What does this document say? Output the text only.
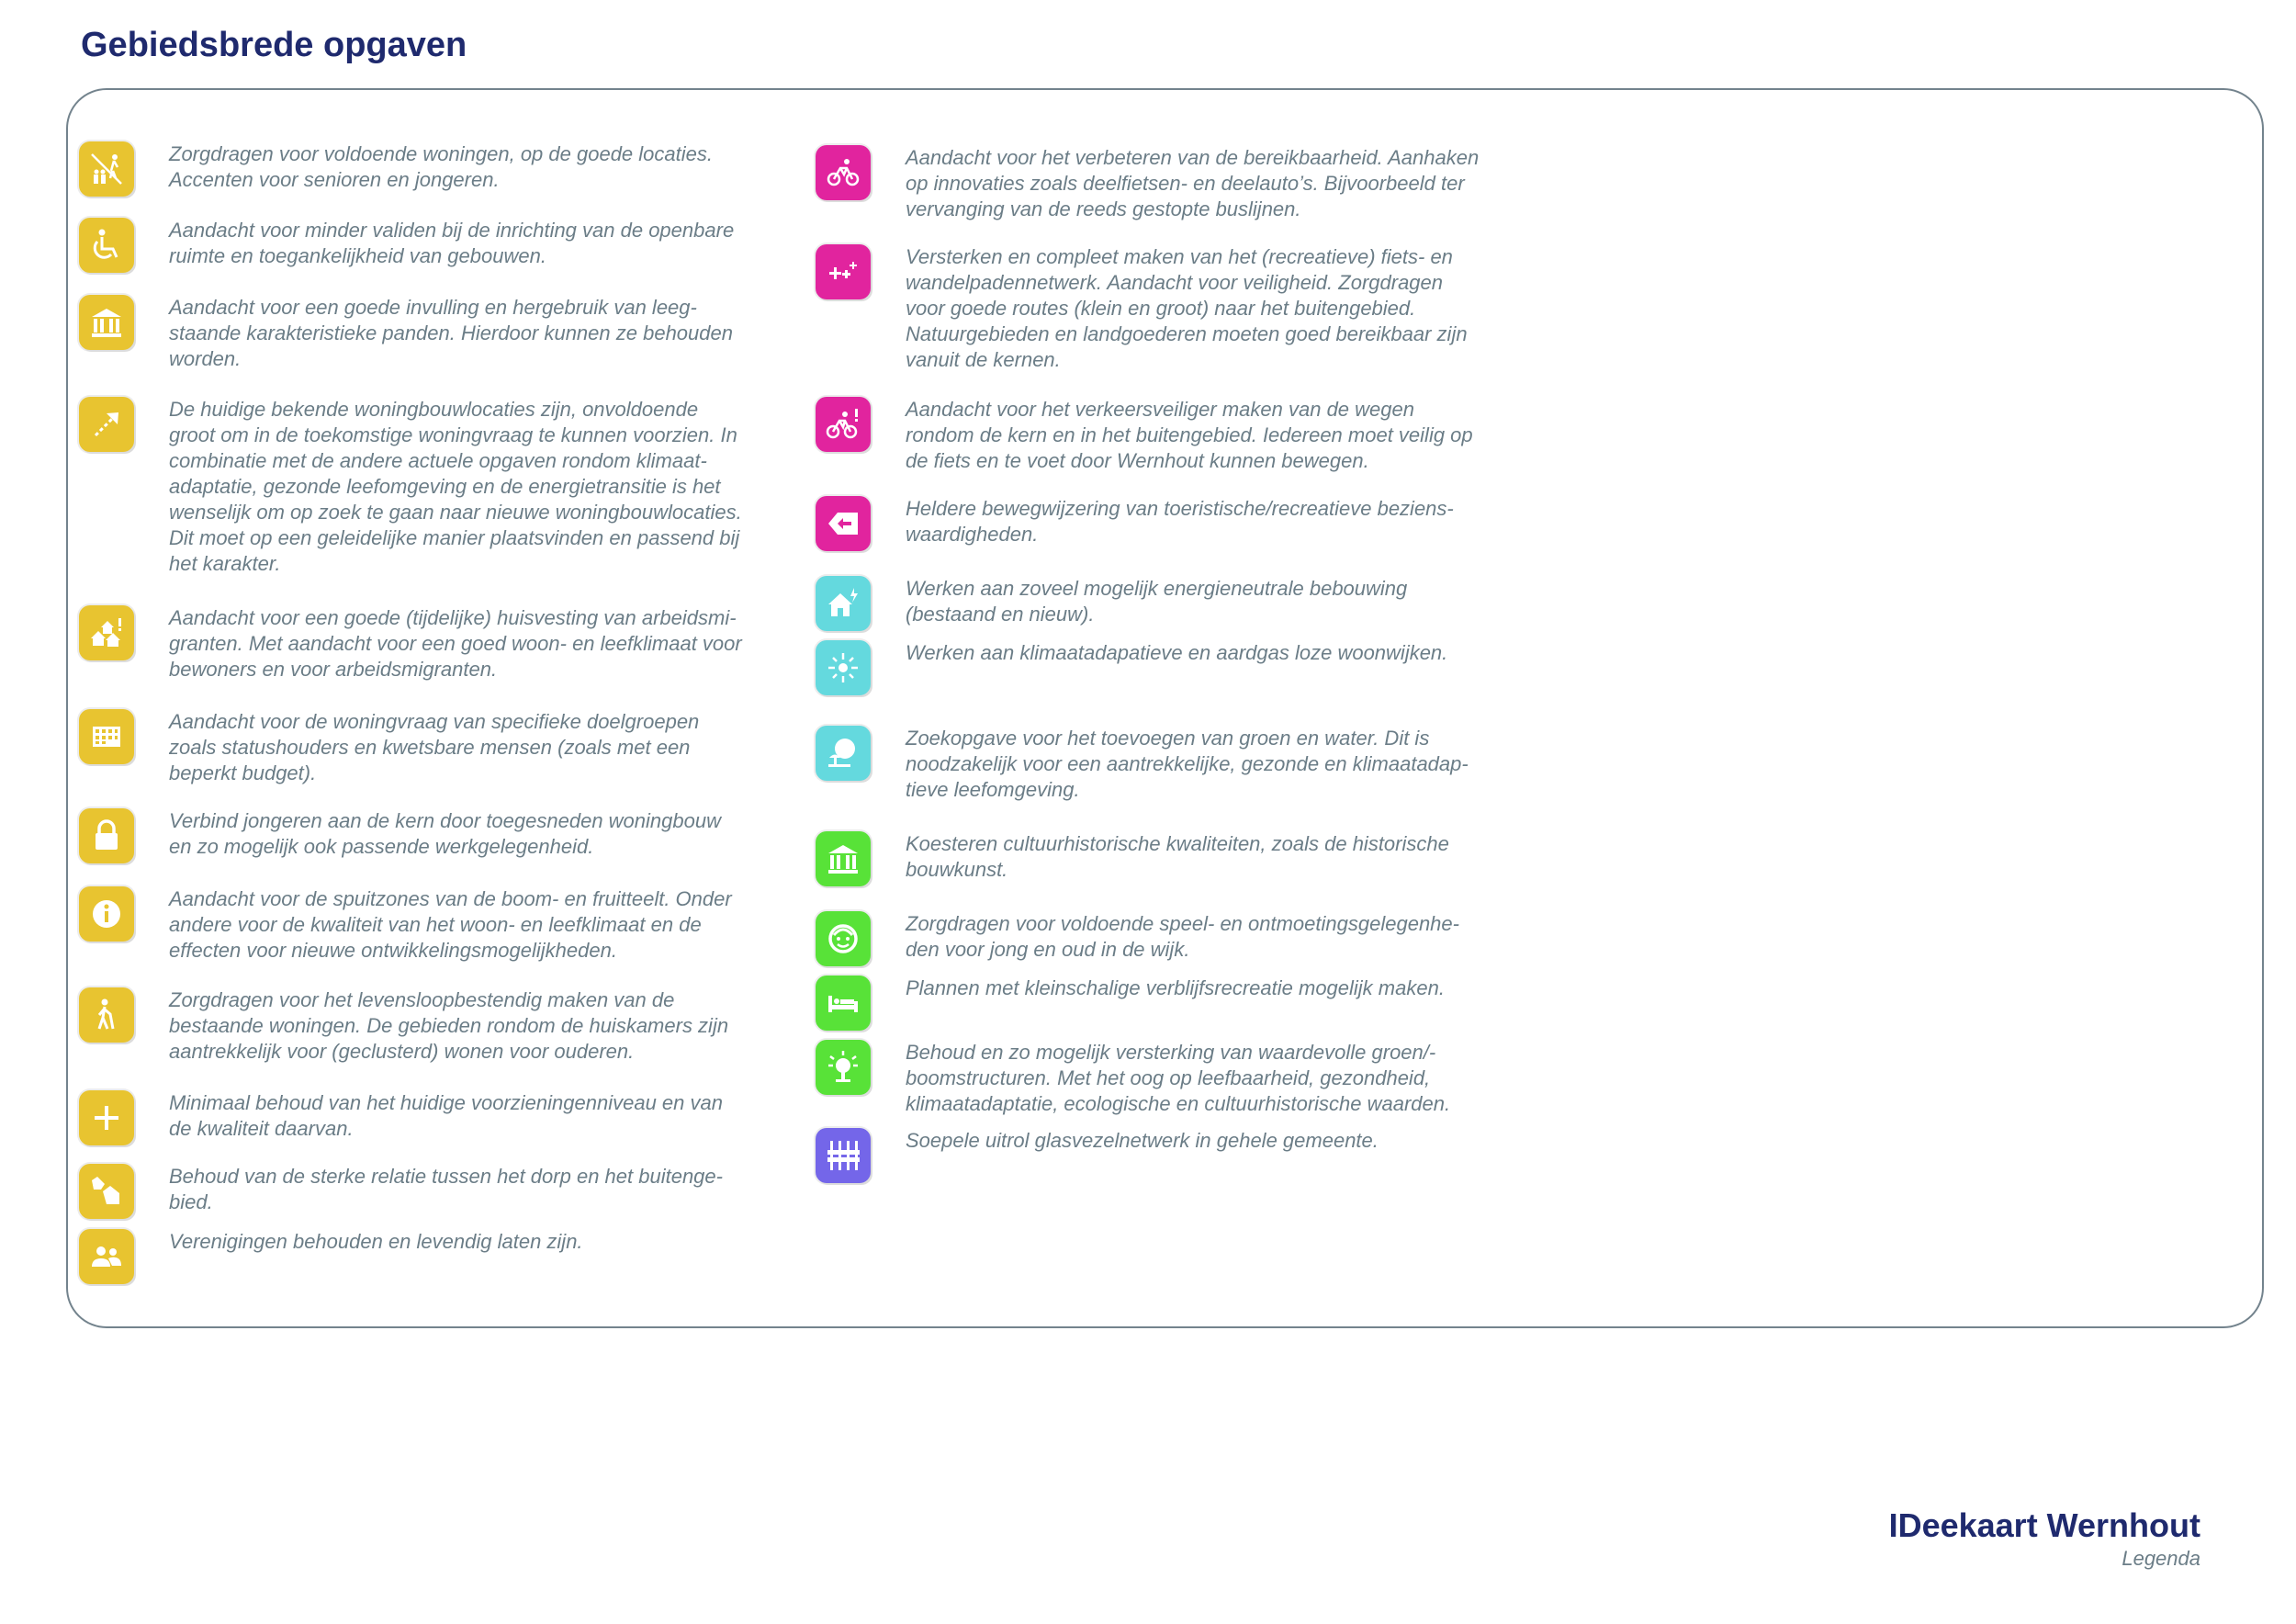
Gebiedsbrede opgaven

Zorgdragen voor voldoende woningen, op de goede locaties.
Accenten voor senioren en jongeren.

Aandacht voor minder validen bij de inrichting van de openbare
ruimte en toegankelijkheid van gebouwen.

Aandacht voor een goede invulling en hergebruik van leeg-
staande karakteristieke panden. Hierdoor kunnen ze behouden
worden.

De huidige bekende woningbouwlocaties zijn, onvoldoende
groot om in de toekomstige woningvraag te kunnen voorzien. In
combinatie met de andere actuele opgaven rondom klimaat-
adaptatie, gezonde leefomgeving en de energietransitie is het
wenselijk om op zoek te gaan naar nieuwe woningbouwlocaties.
Dit moet op een geleidelijke manier plaatsvinden en passend bij
het karakter.

Aandacht voor een goede (tijdelijke) huisvesting van arbeidsmi-
granten. Met aandacht voor een goed woon- en leefklimaat voor
bewoners en voor arbeidsmigranten.

Aandacht voor de woningvraag van specifieke doelgroepen
zoals statushouders en kwetsbare mensen (zoals met een
beperkt budget).

Verbind jongeren aan de kern door toegesneden woningbouw
en zo mogelijk ook passende werkgelegenheid.

Aandacht voor de spuitzones van de boom- en fruitteelt. Onder
andere voor de kwaliteit van het woon- en leefklimaat en de
effecten voor nieuwe ontwikkelingsmogelijkheden.

Zorgdragen voor het levensloopbestendig maken van de
bestaande woningen. De gebieden rondom de huiskamers zijn
aantrekkelijk voor (geclusterd) wonen voor ouderen.

Minimaal behoud van het huidige voorzieningenniveau en van
de kwaliteit daarvan.

Behoud van de sterke relatie tussen het dorp en het buitenge-
bied.

Verenigingen behouden en levendig laten zijn.

Aandacht voor het verbeteren van de bereikbaarheid. Aanhaken
op innovaties zoals deelfietsen- en deelauto’s. Bijvoorbeeld ter
vervanging van de reeds gestopte buslijnen.

Versterken en compleet maken van het (recreatieve) fiets- en
wandelpadennetwerk. Aandacht voor veiligheid. Zorgdragen
voor goede routes (klein en groot) naar het buitengebied.
Natuurgebieden en landgoederen moeten goed bereikbaar zijn
vanuit de kernen.

Aandacht voor het verkeersveiliger maken van de wegen
rondom de kern en in het buitengebied. Iedereen moet veilig op
de fiets en te voet door Wernhout kunnen bewegen.

Heldere bewegwijzering van toeristische/recreatieve beziens-
waardigheden.

Werken aan zoveel mogelijk energieneutrale bebouwing
(bestaand en nieuw).

Werken aan klimaatadapatieve en aardgas loze woonwijken.

Zoekopgave voor het toevoegen van groen en water. Dit is
noodzakelijk voor een aantrekkelijke, gezonde en klimaatadap-
tieve leefomgeving.

Koesteren cultuurhistorische kwaliteiten, zoals de historische
bouwkunst.

Zorgdragen voor voldoende speel- en ontmoetingsgelegenhe-
den voor jong en oud in de wijk.

Plannen met kleinschalige verblijfsrecreatie mogelijk maken.

Behoud en zo mogelijk versterking van waardevolle groen/-
boomstructuren. Met het oog op leefbaarheid, gezondheid,
klimaatadaptatie, ecologische en cultuurhistorische waarden.

Soepele uitrol glasvezelnetwerk in gehele gemeente.

IDeekaart Wernhout

Legenda
